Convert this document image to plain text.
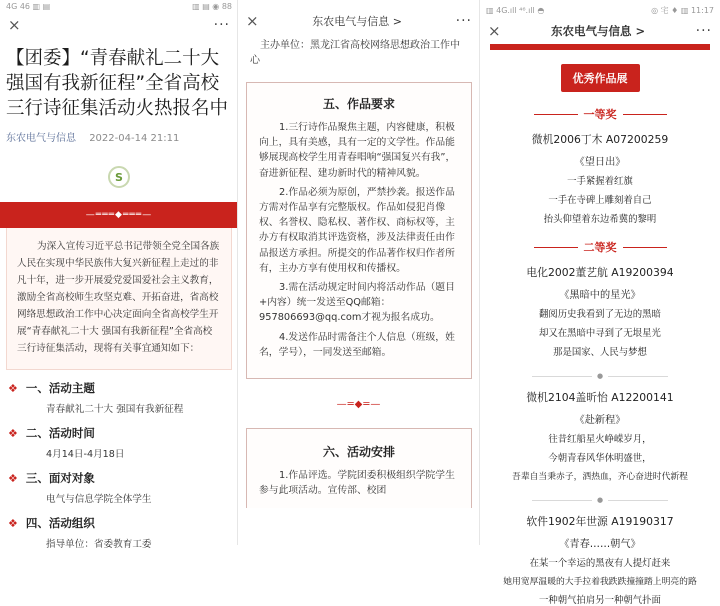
4G 46 ▥ ▤	▥ ▤ ◉ 88
×	···
【团委】“青春献礼二十大 强国有我新征程”全省高校三行诗征集活动火热报名中
东农电气与信息 2022-04-14 21:11
S
—═══◆═══—
为深入宣传习近平总书记带领全党全国各族人民在实现中华民族伟大复兴新征程上走过的非凡十年，进一步开展爱党爱国爱社会主义教育，激励全省高校师生攻坚克难、开拓奋进，省高校网络思想政治工作中心决定面向全省高校学生开展“青春献礼二十大 强国有我新征程”全省高校三行诗征集活动，现将有关事宜通知如下：
❖ 一、活动主题
青春献礼二十大 强国有我新征程
❖ 二、活动时间
4月14日-4月18日
❖ 三、面对对象
电气与信息学院全体学生
❖ 四、活动组织
指导单位：省委教育工委
×	东农电气与信息 >	···
主办单位：黑龙江省高校网络思想政治工作中心
五、作品要求

1.三行诗作品聚焦主题，内容健康，积极向上，具有美感，具有一定的文学性。作品能够展现高校学生用青春唱响“强国复兴有我”，奋进新征程、建功新时代的精神风貌。

2.作品必须为原创，严禁抄袭。报送作品方需对作品享有完整版权。作品如侵犯肖像权、名誉权、隐私权、著作权、商标权等，主办方有权取消其评选资格，涉及法律责任由作品报送方承担。所提交的作品著作权归作者所有，主办方享有使用权和传播权。

3.需在活动规定时间内将活动作品（题目+内容）统一发送至QQ邮箱：957806693@qq.com才视为报名成功。

4.发送作品时需备注个人信息（班级，姓名，学号），一同发送至邮箱。

—═◆═—
六、活动安排

1.作品评选。学院团委积极组织学院学生参与此项活动。宣传部、校团

▥ 4G.ıll ⁴⁶.ıll ◓	◎ 宅 ♦ ▥ 11:17
×	东农电气与信息 >	···
优秀作品展
一等奖
微机2006丁木 A07200259
《望日出》
一手紧握着红旗
一手在寺碑上雕刻着自己
抬头仰望着东边希冀的黎明
二等奖
电化2002董艺航 A19200394
《黑暗中的星光》
翻阅历史我看到了无边的黑暗
却又在黑暗中寻到了无垠星光
那是国家、人民与梦想
●
微机2104盖昕怡 A12200141
《赴新程》
往昔红船星火峥嵘岁月，
今朝青春风华休明盛世，
吾辈自当秉赤子，洒热血，齐心奋进时代新程
●
软件1902年世源 A19190317
《青春……朝气》
在某一个幸运的黑夜有人提灯赶来
她用宽厚温暖的大手拉着我跌跌撞撞踏上明亮的路
一种朝气拍肩另一种朝气扑面
